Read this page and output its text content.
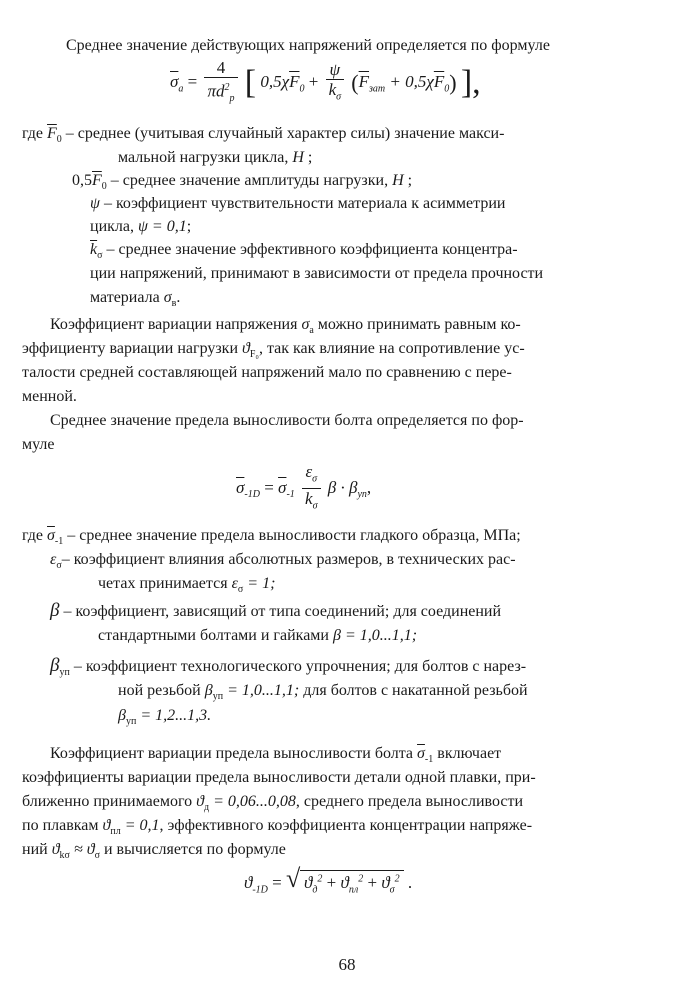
Среднее значение действующих напряжений определяется по формуле
$\overline{\sigma}_a = \frac{4}{\pi d^2_p}$ [ $0,5\chi\overline{F}_0 + \frac{\psi}{\overline{k}_\sigma} (\overline{F}_{зат} + 0,5\chi\overline{F}_0)$ ],
где $\overline{F}_0$ – среднее (учитывая случайный характер силы) значение макси-
мальной нагрузки цикла, Н ;
$0,5\overline{F}_0$ – среднее значение амплитуды нагрузки, Н ;
ψ – коэффициент чувствительности материала к асимметрии
цикла, ψ = 0,1;
$\overline{k}_\sigma$ – среднее значение эффективного коэффициента концентра-
ции напряжений, принимают в зависимости от предела прочности
материала $\sigma_в$.
Коэффициент вариации напряжения $\sigma_a$ можно принимать равным ко-
эффициенту вариации нагрузки $ϑ_{F_0}$, так как влияние на сопротивление ус-
талости средней составляющей напряжений мало по сравнению с пере-
менной.
Среднее значение предела выносливости болта определяется по фор-
муле
$\overline{\sigma}_{-1D} = \overline{\sigma}_{-1} \frac{\varepsilon_\sigma}{\overline{k}_\sigma}$ $\beta \cdot \beta_{уп}$,
где $\overline{\sigma}_{-1}$ – среднее значение предела выносливости гладкого образца, МПа;
$\varepsilon_\sigma-$ коэффициент влияния абсолютных размеров, в технических рас-
четах принимается $\varepsilon_\sigma = 1$;
β – коэффициент, зависящий от типа соединений; для соединений
стандартными болтами и гайками β = 1,0...1,1;
$\beta_{уп}$ – коэффициент технологического упрочнения; для болтов с нарез-
ной резьбой $\beta_{уп} = 1,0...1,1$; для болтов с накатанной резьбой
$\beta_{уп} = 1,2...1,3$.
Коэффициент вариации предела выносливости болта $\overline{\sigma}_{-1}$ включает
коэффициенты вариации предела выносливости детали одной плавки, при-
ближенно принимаемого $ϑ_д = 0,06...0,08$, среднего предела выносливости
по плавкам $ϑ_{пл} = 0,1$, эффективного коэффициента концентрации напряже-
ний $ϑ_{k\sigma} \approx ϑ_\sigma$ и вычисляется по формуле
$ϑ_{-1D}$ = √ $ϑ_д^2 + ϑ_{пл}^2 + ϑ_\sigma^2$ .
68
